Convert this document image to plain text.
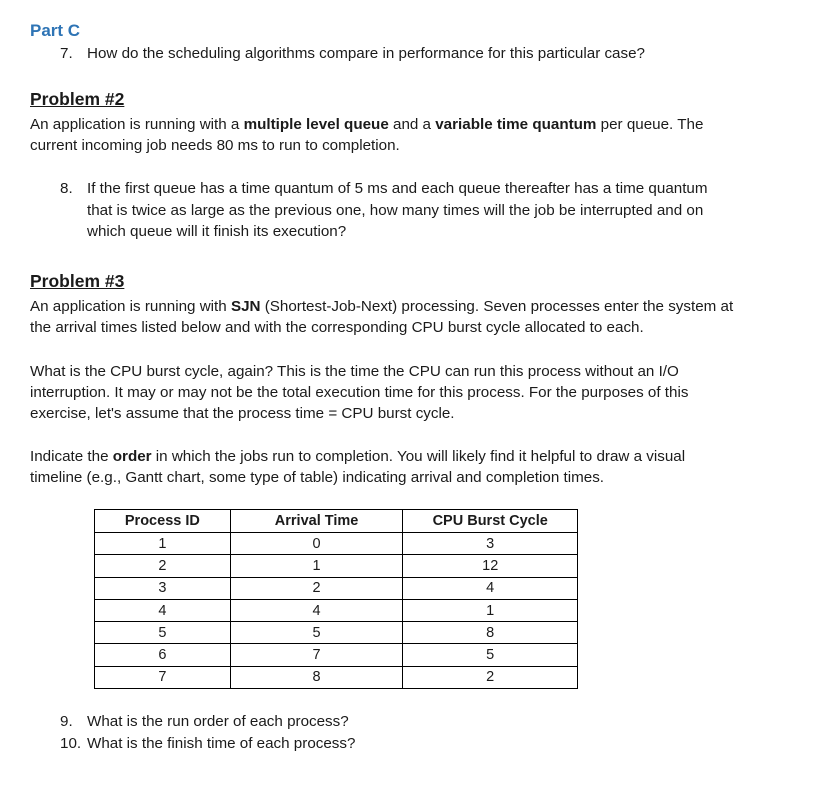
Part C
7. How do the scheduling algorithms compare in performance for this particular case?
Problem #2
An application is running with a multiple level queue and a variable time quantum per queue. The
current incoming job needs 80 ms to run to completion.
8. If the first queue has a time quantum of 5 ms and each queue thereafter has a time quantum
that is twice as large as the previous one, how many times will the job be interrupted and on
which queue will it finish its execution?
Problem #3
An application is running with SJN (Shortest-Job-Next) processing. Seven processes enter the system at
the arrival times listed below and with the corresponding CPU burst cycle allocated to each.
What is the CPU burst cycle, again? This is the time the CPU can run this process without an I/O
interruption. It may or may not be the total execution time for this process. For the purposes of this
exercise, let's assume that the process time = CPU burst cycle.
Indicate the order in which the jobs run to completion. You will likely find it helpful to draw a visual
timeline (e.g., Gantt chart, some type of table) indicating arrival and completion times.
Process ID	Arrival Time	CPU Burst Cycle
1	0	3
2	1	12
3	2	4
4	4	1
5	5	8
6	7	5
7	8	2
9. What is the run order of each process?
10. What is the finish time of each process?
